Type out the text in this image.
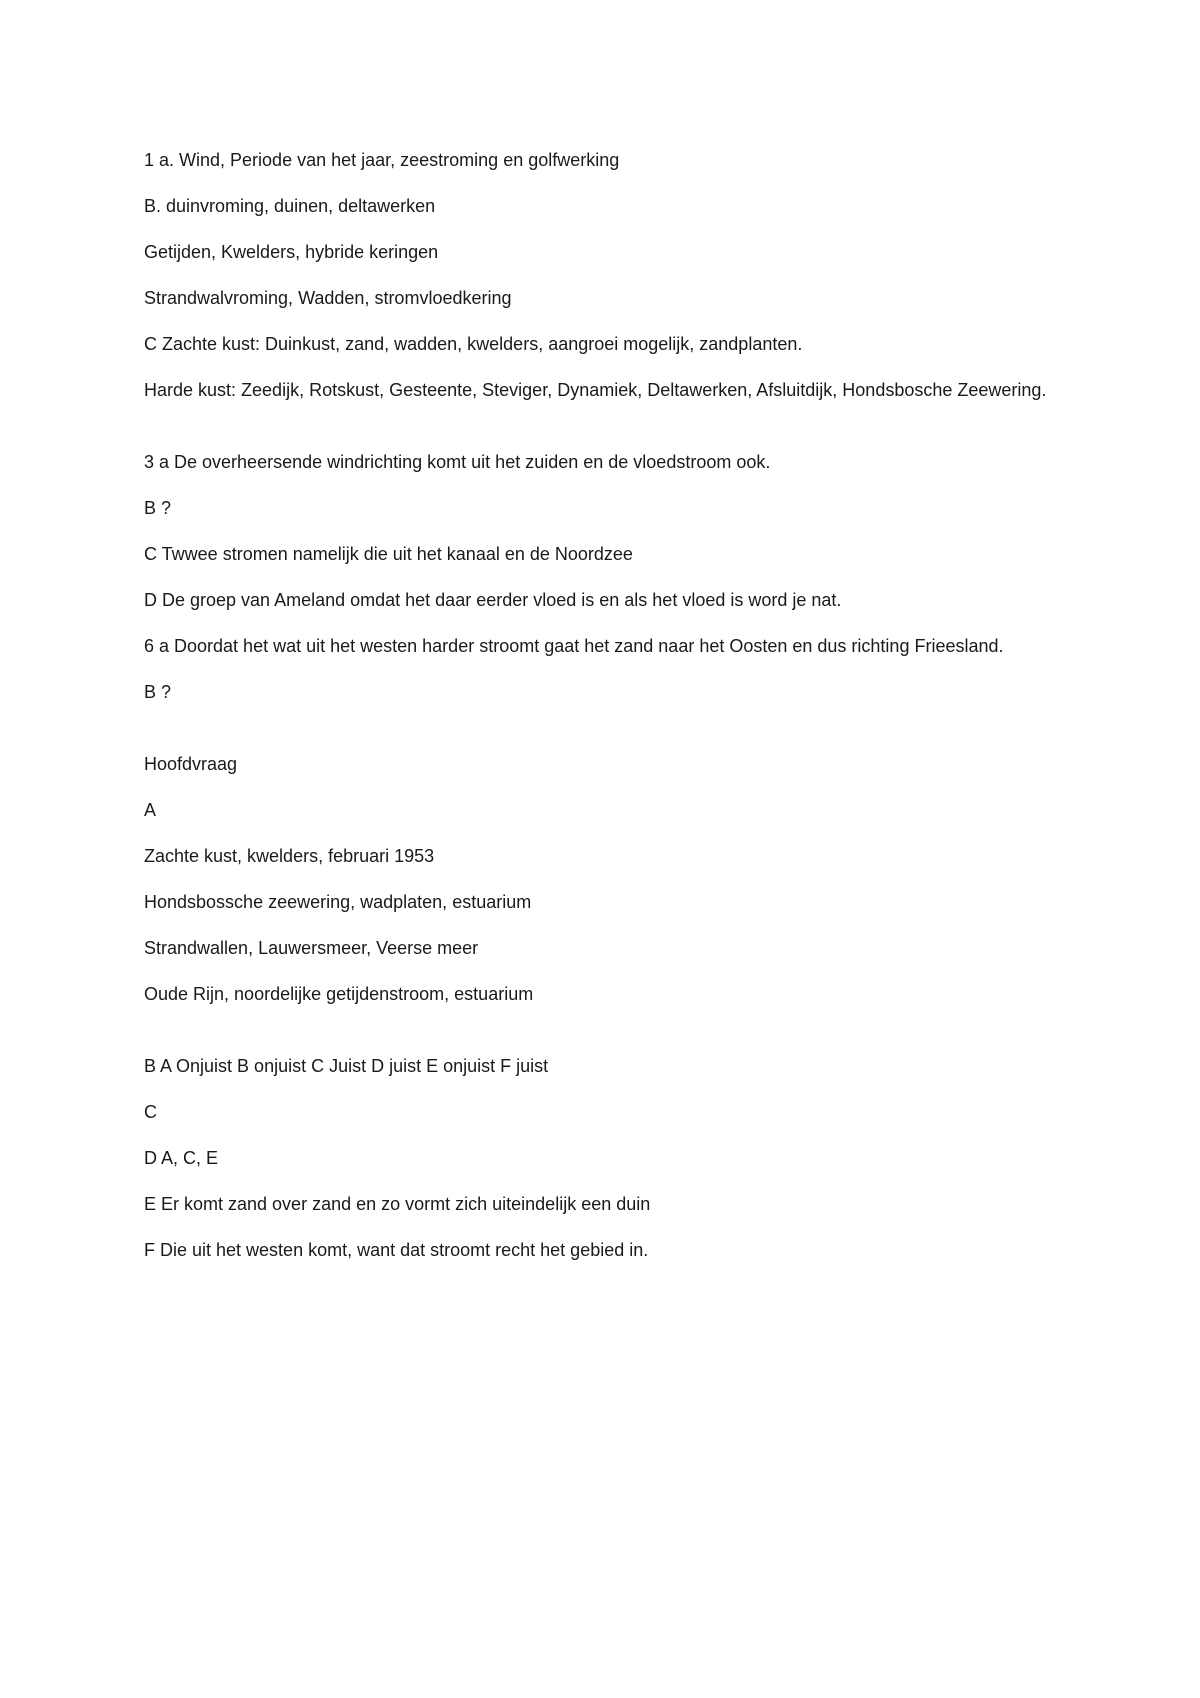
1 a. Wind, Periode van het jaar, zeestroming en golfwerking

B. duinvroming, duinen, deltawerken

Getijden, Kwelders, hybride keringen

Strandwalvroming, Wadden, stromvloedkering

C Zachte kust: Duinkust, zand, wadden, kwelders, aangroei mogelijk, zandplanten.

Harde kust: Zeedijk, Rotskust, Gesteente, Steviger, Dynamiek, Deltawerken, Afsluitdijk, Hondsbosche Zeewering.

3 a De overheersende windrichting komt uit het zuiden en de vloedstroom ook.

B ?

C Twwee stromen namelijk die uit het kanaal en de Noordzee

D De groep van Ameland omdat het daar eerder vloed is en als het vloed is word je nat.

6 a Doordat het wat uit het westen harder stroomt gaat het zand naar het Oosten en dus richting Frieesland.

B ?

Hoofdvraag

A

Zachte kust, kwelders, februari 1953

Hondsbossche zeewering, wadplaten, estuarium

Strandwallen, Lauwersmeer, Veerse meer

Oude Rijn, noordelijke getijdenstroom, estuarium

B A Onjuist B onjuist C Juist D juist E onjuist F juist

C

D A, C, E

E Er komt zand over zand en zo vormt zich uiteindelijk een duin

F Die uit het westen komt, want dat stroomt recht het gebied in.
